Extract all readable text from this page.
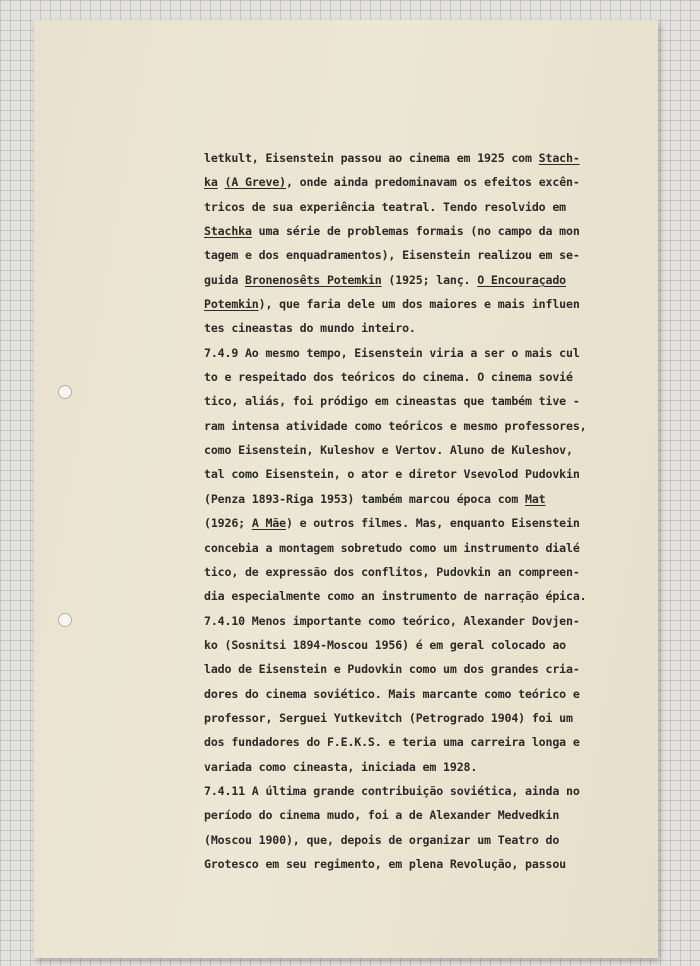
letkult, Eisenstein passou ao cinema em 1925 com Stach-
ka (A Greve), onde ainda predominavam os efeitos excên-
tricos de sua experiência teatral. Tendo resolvido em
Stachka uma série de problemas formais (no campo da mon
tagem e dos enquadramentos), Eisenstein realizou em se-
guida Bronenosêts Potemkin (1925; lanç. O Encouraçado
Potemkin), que faria dele um dos maiores e mais influen
tes cineastas do mundo inteiro.
7.4.9 Ao mesmo tempo, Eisenstein viria a ser o mais cul
to e respeitado dos teóricos do cinema. O cinema sovié
tico, aliás, foi pródigo em cineastas que também tive -
ram intensa atividade como teóricos e mesmo professores,
como Eisenstein, Kuleshov e Vertov. Aluno de Kuleshov,
tal como Eisenstein, o ator e diretor Vsevolod Pudovkin
(Penza 1893-Riga 1953) também marcou época com Mat
(1926; A Mãe) e outros filmes. Mas, enquanto Eisenstein
concebia a montagem sobretudo como um instrumento dialé
tico, de expressão dos conflitos, Pudovkin an compreen-
dia especialmente como an instrumento de narração épica.
7.4.10 Menos importante como teórico, Alexander Dovjen-
ko (Sosnitsi 1894-Moscou 1956) é em geral colocado ao
lado de Eisenstein e Pudovkin como um dos grandes cria-
dores do cinema soviético. Mais marcante como teórico e
professor, Serguei Yutkevitch (Petrogrado 1904) foi um
dos fundadores do F.E.K.S. e teria uma carreira longa e
variada como cineasta, iniciada em 1928.
7.4.11 A última grande contribuição soviética, ainda no
período do cinema mudo, foi a de Alexander Medvedkin
(Moscou 1900), que, depois de organizar um Teatro do
Grotesco em seu regimento, em plena Revolução, passou
